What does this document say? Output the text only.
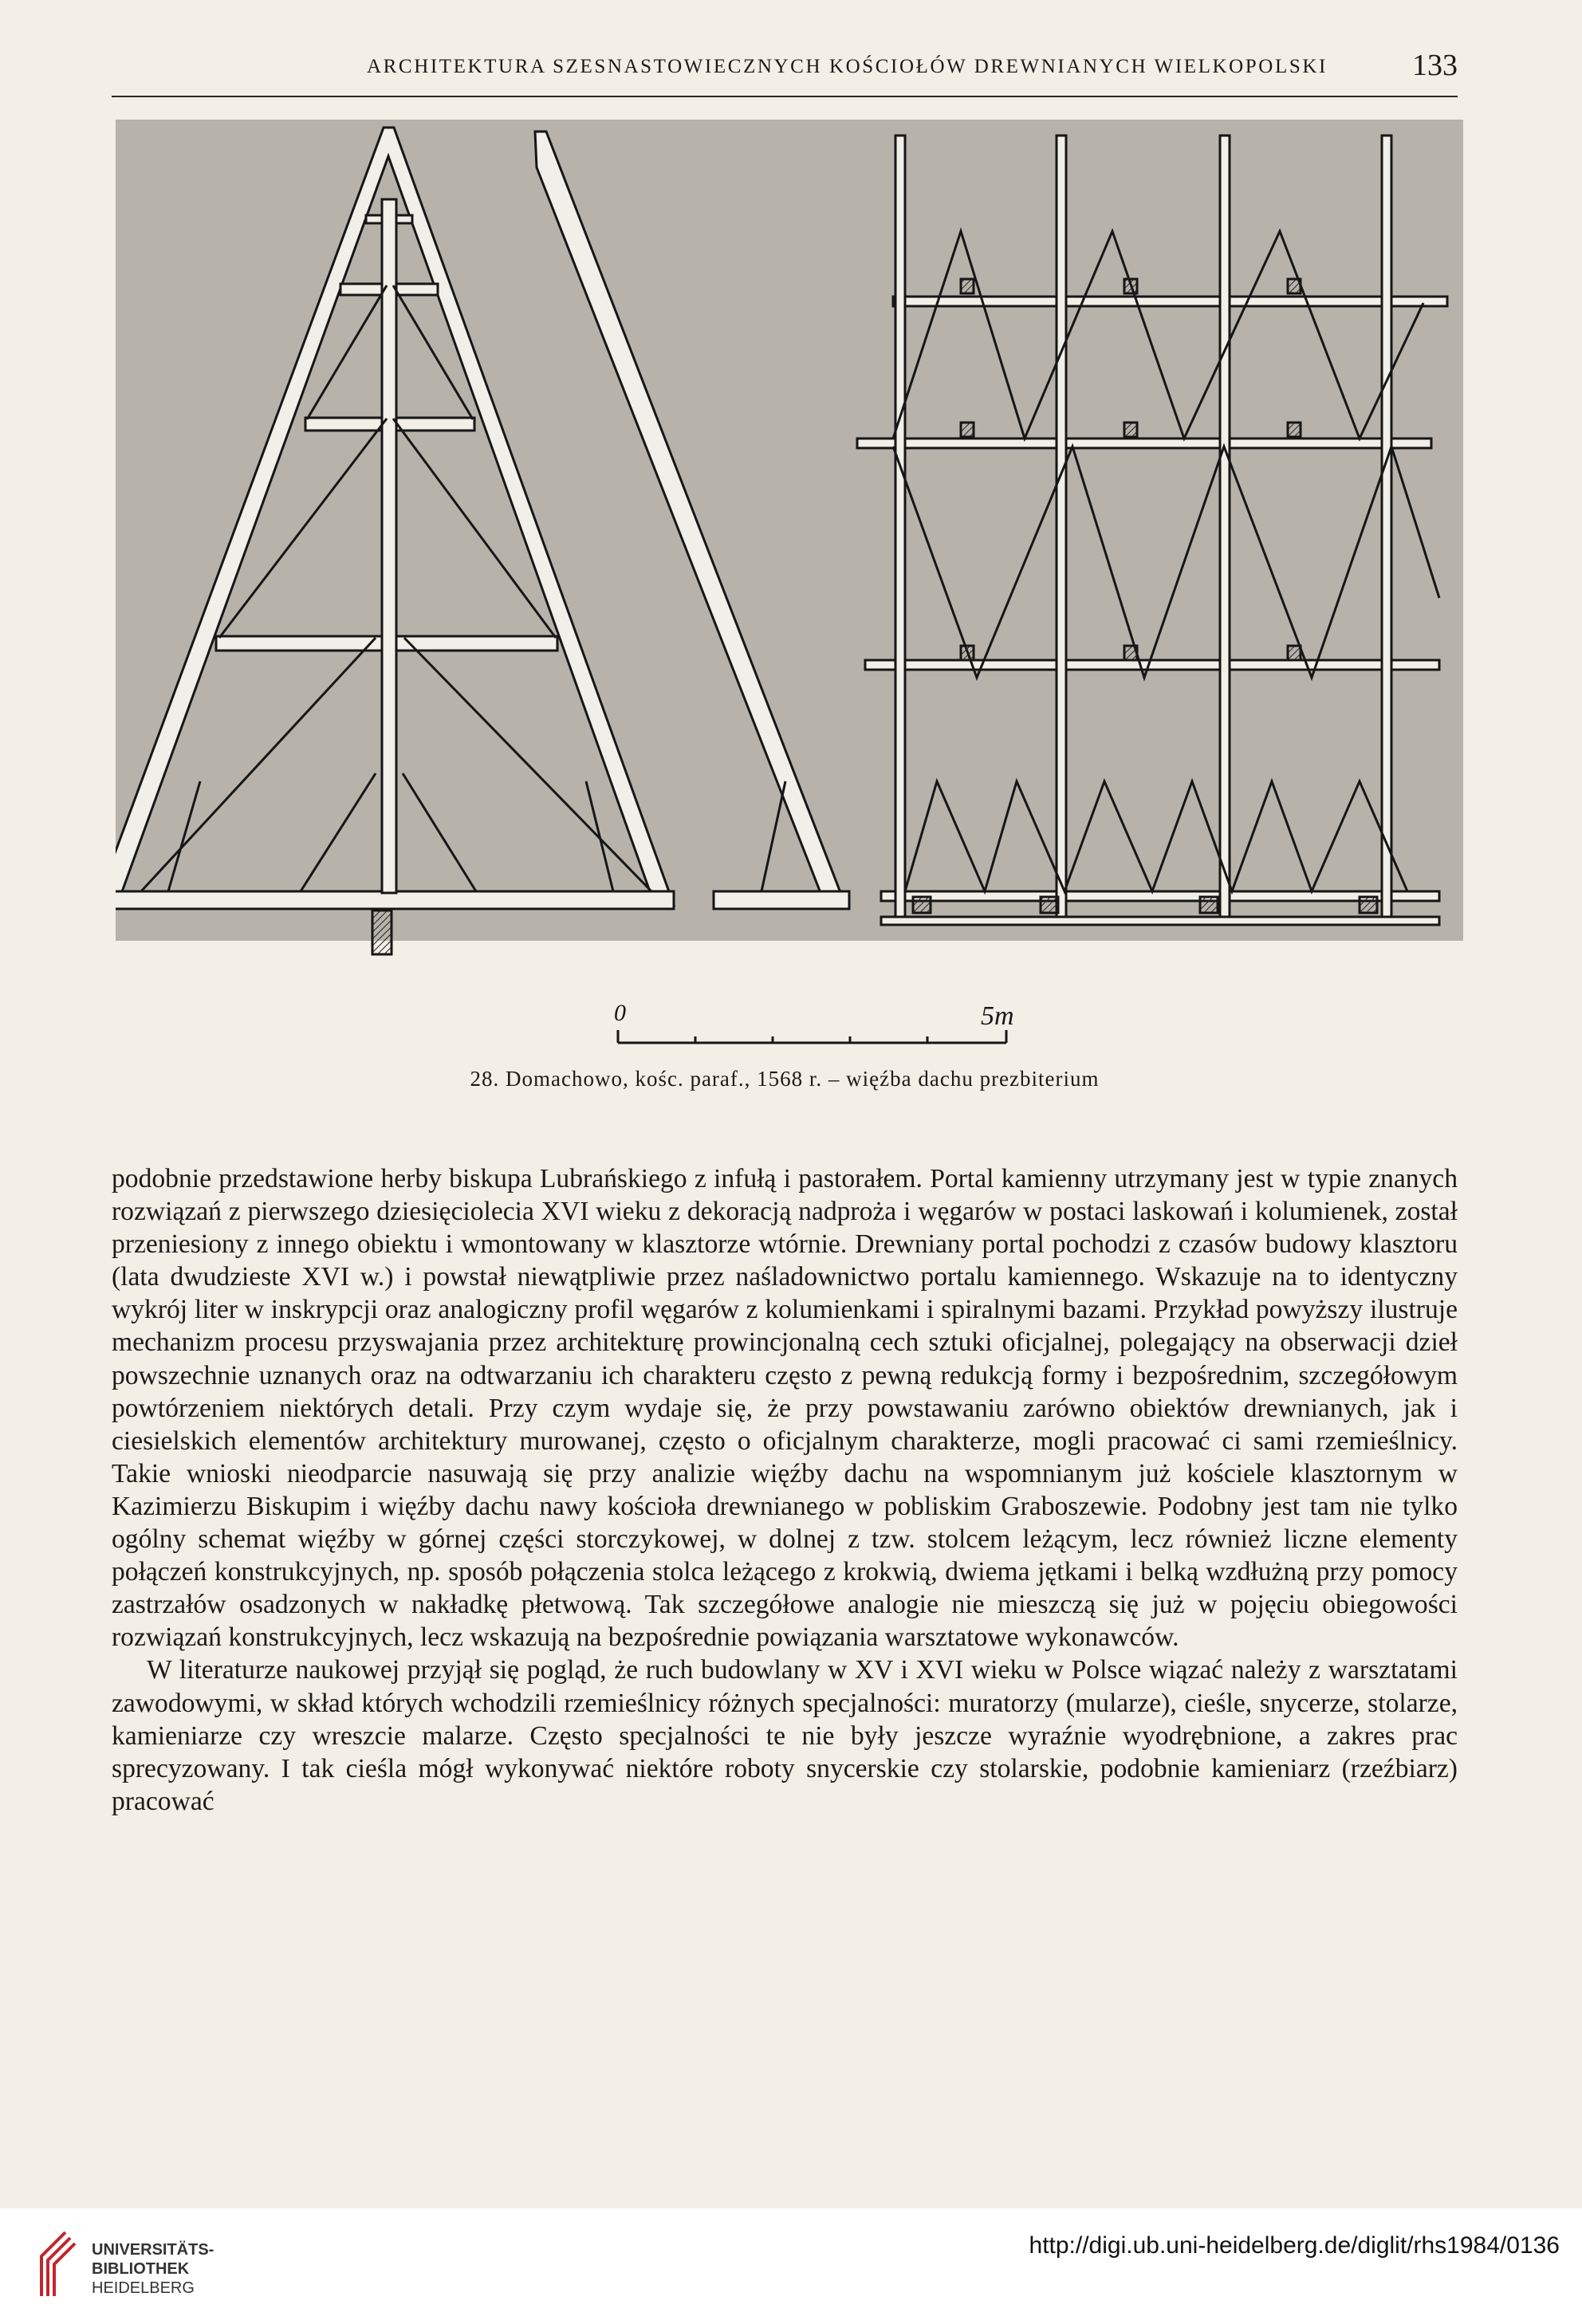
ARCHITEKTURA SZESNASTOWIECZNYCH KOŚCIOŁÓW DREWNIANYCH WIELKOPOLSKI	133
0	5m
28. Domachowo, kośc. paraf., 1568 r. – więźba dachu prezbiterium

podobnie przedstawione herby biskupa Lubrańskiego z infułą i pastorałem. Portal kamienny utrzymany jest w typie znanych rozwiązań z pierwszego dziesięciolecia XVI wieku z dekoracją nadproża i węgarów w postaci laskowań i kolumienek, został przeniesiony z innego obiektu i wmontowany w klasztorze wtórnie. Drewniany portal pochodzi z czasów budowy klasztoru (lata dwudzieste XVI w.) i powstał niewątpliwie przez naśladownictwo portalu kamiennego. Wskazuje na to identyczny wykrój liter w inskrypcji oraz analogiczny profil węgarów z kolumienkami i spiralnymi bazami. Przykład powyższy ilustruje mechanizm procesu przyswajania przez architekturę prowincjonalną cech sztuki oficjalnej, polegający na obserwacji dzieł powszechnie uznanych oraz na odtwarzaniu ich charakteru często z pewną redukcją formy i bezpośrednim, szczegółowym powtórzeniem niektórych detali. Przy czym wydaje się, że przy powstawaniu zarówno obiektów drewnianych, jak i ciesielskich elementów architektury murowanej, często o oficjalnym charakterze, mogli pracować ci sami rzemieślnicy. Takie wnioski nieodparcie nasuwają się przy analizie więźby dachu na wspomnianym już kościele klasztornym w Kazimierzu Biskupim i więźby dachu nawy kościoła drewnianego w pobliskim Graboszewie. Podobny jest tam nie tylko ogólny schemat więźby w górnej części storczykowej, w dolnej z tzw. stolcem leżącym, lecz również liczne elementy połączeń konstrukcyjnych, np. sposób połączenia stolca leżącego z krokwią, dwiema jętkami i belką wzdłużną przy pomocy zastrzałów osadzonych w nakładkę płetwową. Tak szczegółowe analogie nie mieszczą się już w pojęciu obiegowości rozwiązań konstrukcyjnych, lecz wskazują na bezpośrednie powiązania warsztatowe wykonawców.

W literaturze naukowej przyjął się pogląd, że ruch budowlany w XV i XVI wieku w Polsce wiązać należy z warsztatami zawodowymi, w skład których wchodzili rzemieślnicy różnych specjalności: muratorzy (mularze), cieśle, snycerze, stolarze, kamieniarze czy wreszcie malarze. Często specjalności te nie były jeszcze wyraźnie wyodrębnione, a zakres prac sprecyzowany. I tak cieśla mógł wykonywać niektóre roboty snycerskie czy stolarskie, podobnie kamieniarz (rzeźbiarz) pracować

UNIVERSITÄTS-
BIBLIOTHEK
HEIDELBERG
http://digi.ub.uni-heidelberg.de/diglit/rhs1984/0136
